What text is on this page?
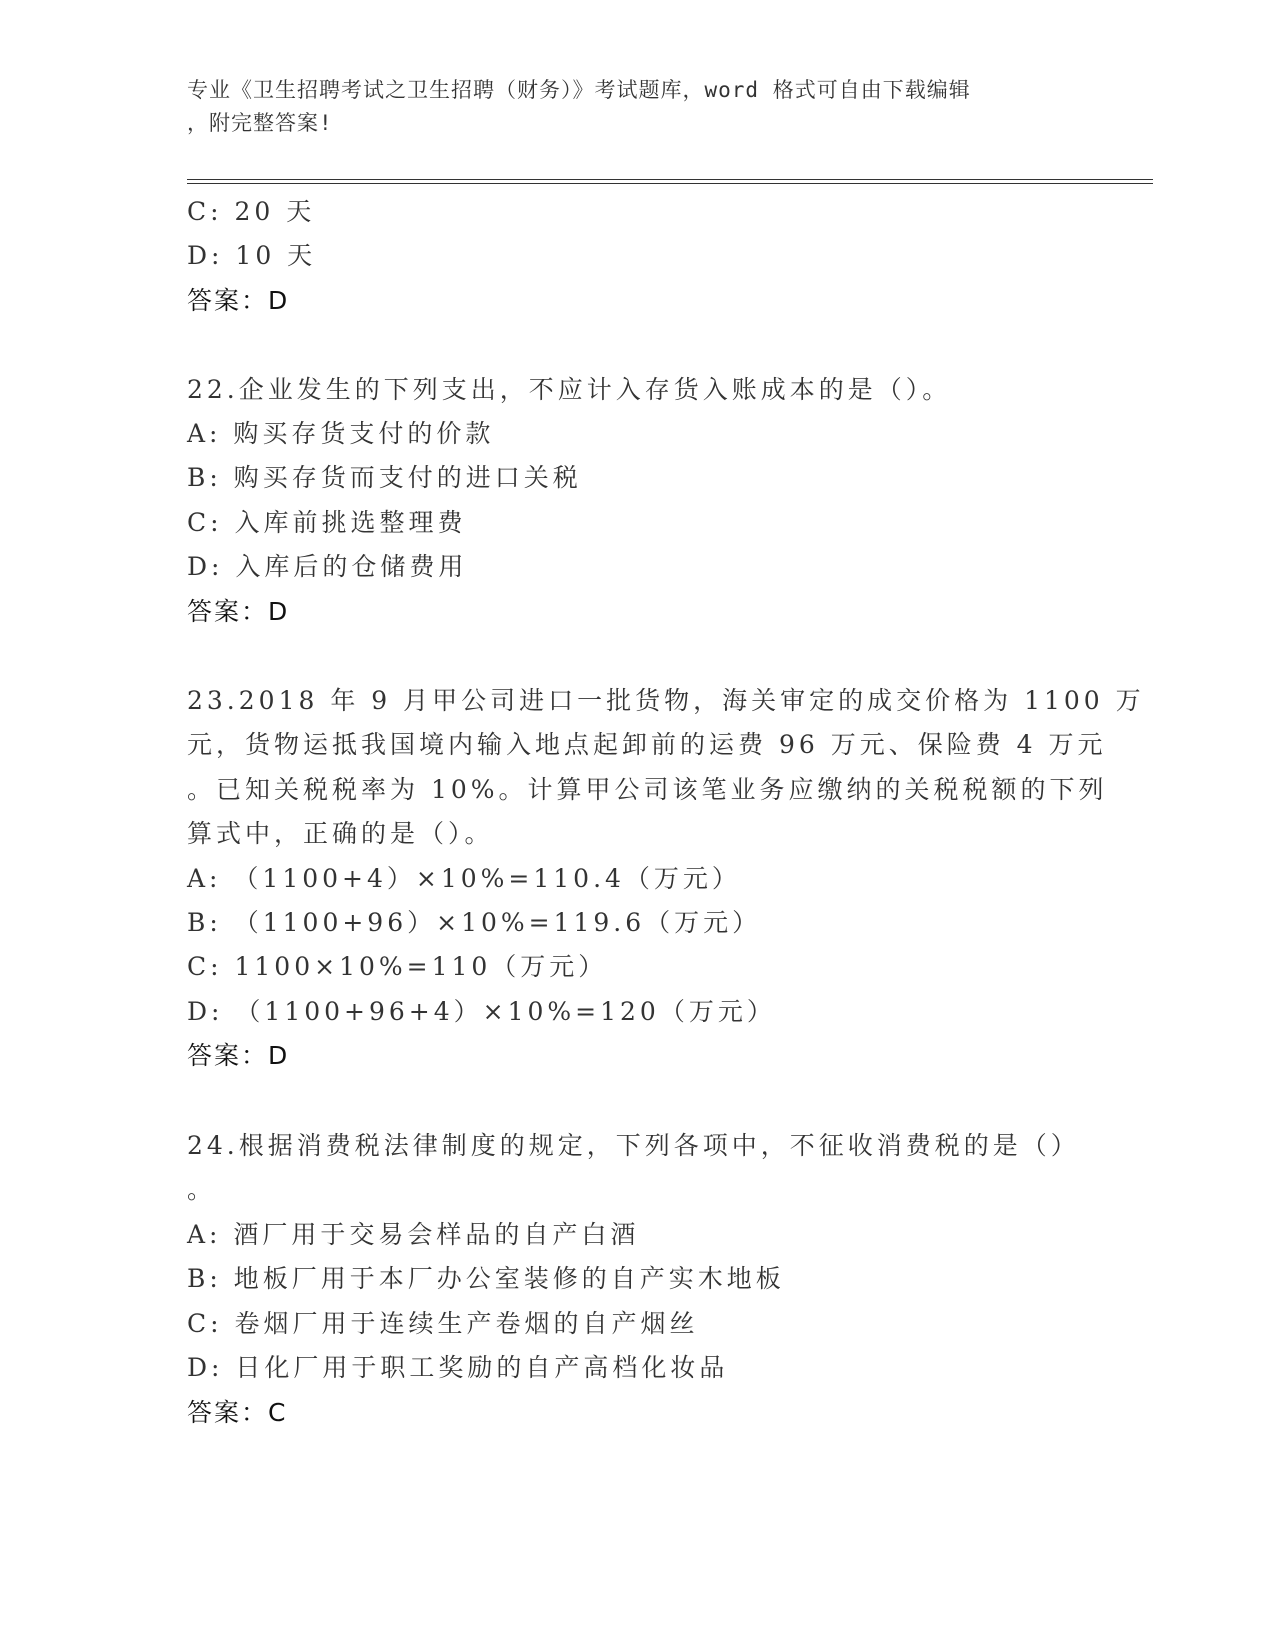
专业《卫生招聘考试之卫生招聘（财务）》考试题库，word 格式可自由下载编辑
，附完整答案!
C: 20 天
D: 10 天
答案：D
22.企业发生的下列支出，不应计入存货入账成本的是（）。
A: 购买存货支付的价款
B: 购买存货而支付的进口关税
C: 入库前挑选整理费
D: 入库后的仓储费用
答案：D
23.2018 年 9 月甲公司进口一批货物，海关审定的成交价格为 1100 万
元，货物运抵我国境内输入地点起卸前的运费 96 万元、保险费 4 万元
。已知关税税率为 10%。计算甲公司该笔业务应缴纳的关税税额的下列
算式中，正确的是（）。
A: （1100+4）×10%=110.4（万元）
B: （1100+96）×10%=119.6（万元）
C: 1100×10%=110（万元）
D: （1100+96+4）×10%=120（万元）
答案：D
24.根据消费税法律制度的规定，下列各项中，不征收消费税的是（）
。
A: 酒厂用于交易会样品的自产白酒
B: 地板厂用于本厂办公室装修的自产实木地板
C: 卷烟厂用于连续生产卷烟的自产烟丝
D: 日化厂用于职工奖励的自产高档化妆品
答案：C
